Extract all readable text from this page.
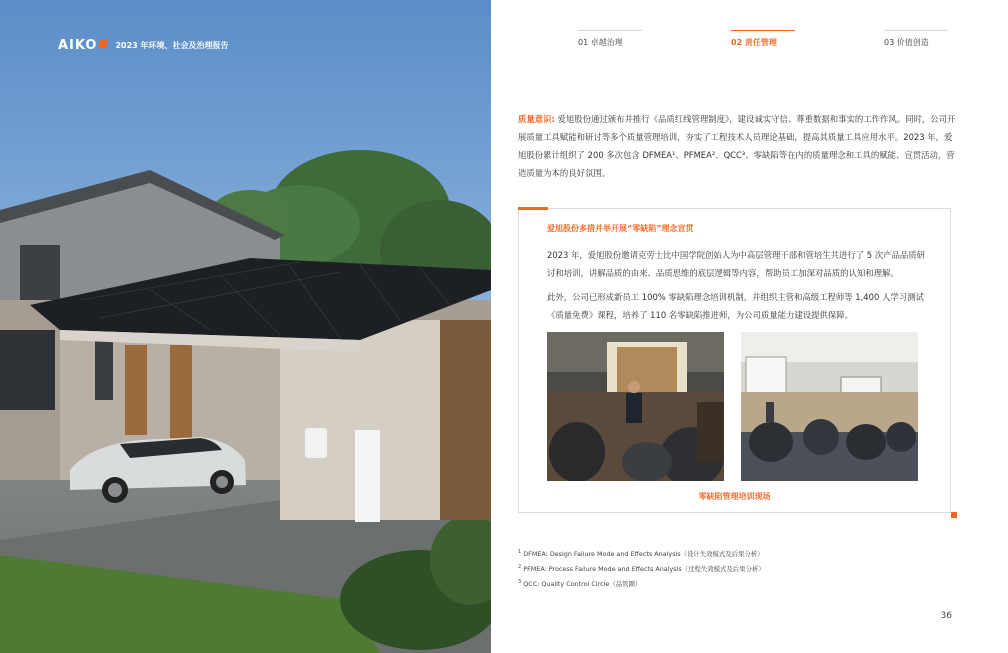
AIKO 2023 年环境、社会及治理报告	01 卓越治理	02 责任管理	03 价值创造
质量意识: 爱旭股份通过颁布并推行《品质红线管理制度》，建设诚实守信、尊重数据和事实的工作作风。同时，公司开展质量工具赋能和研讨等多个质量管理培训，夯实了工程技术人员理论基础，提高其质量工具应用水平。2023 年，爱旭股份累计组织了 200 多次包含 DFMEA¹、PFMEA²、QCC³、零缺陷等在内的质量理念和工具的赋能、宣贯活动，营造质量为本的良好氛围。
爱旭股份多措并举开展“零缺陷”理念宣贯
2023 年，爱旭股份邀请克劳士比中国学院创始人为中高层管理干部和管培生共进行了 5 次产品品质研讨和培训，讲解品质的由来、品质思维的底层逻辑等内容，帮助员工加深对品质的认知和理解。
此外，公司已形成新员工 100% 零缺陷理念培训机制，并组织主管和高级工程师等 1,400 人学习测试《质量免费》课程，培养了 110 名零缺陷推进师，为公司质量能力建设提供保障。
零缺陷管理培训现场
$^1$ DFMEA: Design Failure Mode and Effects Analysis（设计失效模式及后果分析）
$^2$ PFMEA: Process Failure Mode and Effects Analysis（过程失效模式及后果分析）
$^3$ QCC: Quality Control Circle（品管圈）
36
